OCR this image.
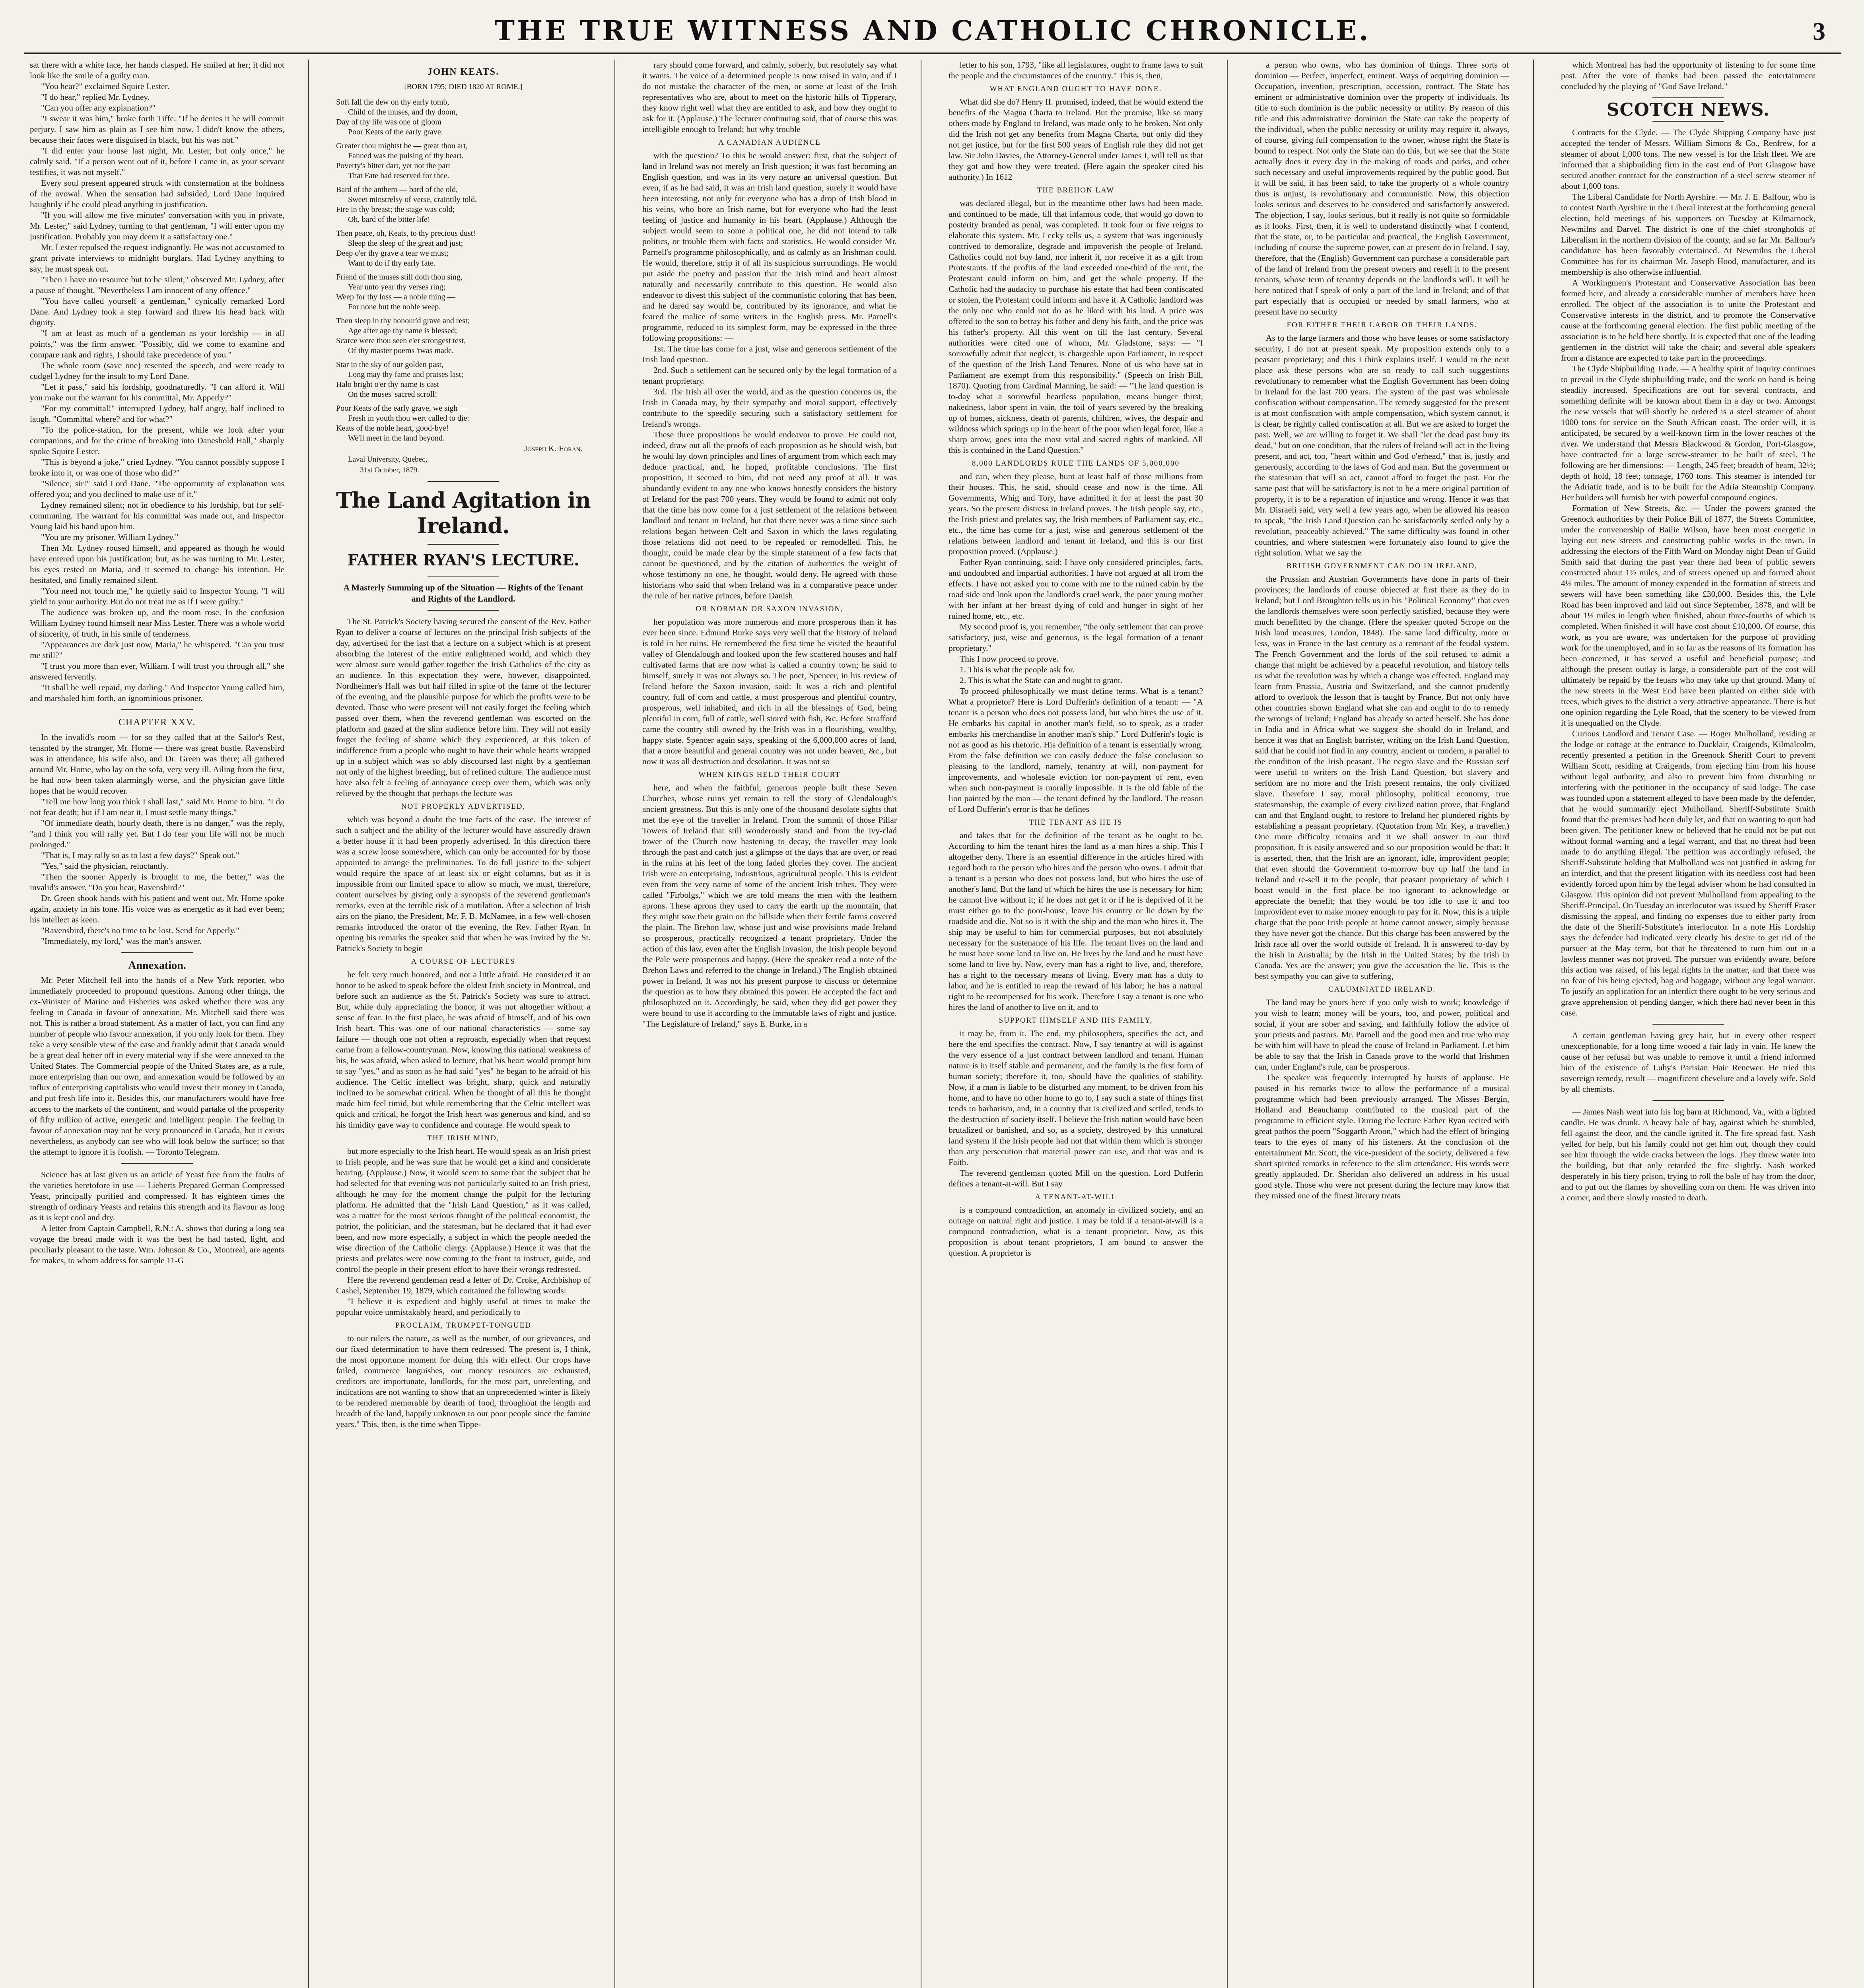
THE TRUE WITNESS AND CATHOLIC CHRONICLE.	3

sat there with a white face, her hands clasped. He smiled at her; it did not look like the smile of a guilty man.

"You hear?" exclaimed Squire Lester.

"I do hear," replied Mr. Lydney.

"Can you offer any explanation?"

"I swear it was him," broke forth Tiffe. "If he denies it he will commit perjury. I saw him as plain as I see him now. I didn't know the others, because their faces were disguised in black, but his was not."

"I did enter your house last night, Mr. Lester, but only once," he calmly said. "If a person went out of it, before I came in, as your servant testifies, it was not myself."

Every soul present appeared struck with consternation at the boldness of the avowal. When the sensation had subsided, Lord Dane inquired haughtily if he could plead anything in justification.

"If you will allow me five minutes' conversation with you in private, Mr. Lester," said Lydney, turning to that gentleman, "I will enter upon my justification. Probably you may deem it a satisfactory one."

Mr. Lester repulsed the request indignantly. He was not accustomed to grant private interviews to midnight burglars. Had Lydney anything to say, he must speak out.

"Then I have no resource but to be silent," observed Mr. Lydney, after a pause of thought. "Nevertheless I am innocent of any offence."

"You have called yourself a gentleman," cynically remarked Lord Dane. And Lydney took a step forward and threw his head back with dignity.

"I am at least as much of a gentleman as your lordship — in all points," was the firm answer. "Possibly, did we come to examine and compare rank and rights, I should take precedence of you."

The whole room (save one) resented the speech, and were ready to cudgel Lydney for the insult to my Lord Dane.

"Let it pass," said his lordship, goodnaturedly. "I can afford it. Will you make out the warrant for his committal, Mr. Apperly?"

"For my committal!" interrupted Lydney, half angry, half inclined to laugh. "Committal where? and for what?"

"To the police-station, for the present, while we look after your companions, and for the crime of breaking into Daneshold Hall," sharply spoke Squire Lester.

"This is beyond a joke," cried Lydney. "You cannot possibly suppose I broke into it, or was one of those who did?"

"Silence, sir!" said Lord Dane. "The opportunity of explanation was offered you; and you declined to make use of it."

Lydney remained silent; not in obedience to his lordship, but for self-communing. The warrant for his committal was made out, and Inspector Young laid his hand upon him.

"You are my prisoner, William Lydney."

Then Mr. Lydney roused himself, and appeared as though he would have entered upon his justification; but, as he was turning to Mr. Lester, his eyes rested on Maria, and it seemed to change his intention. He hesitated, and finally remained silent.

"You need not touch me," he quietly said to Inspector Young. "I will yield to your authority. But do not treat me as if I were guilty."

The audience was broken up, and the room rose. In the confusion William Lydney found himself near Miss Lester. There was a whole world of sincerity, of truth, in his smile of tenderness.

"Appearances are dark just now, Maria," he whispered. "Can you trust me still?"

"I trust you more than ever, William. I will trust you through all," she answered fervently.

"It shall be well repaid, my darling." And Inspector Young called him, and marshaled him forth, an ignominious prisoner.

CHAPTER XXV.

In the invalid's room — for so they called that at the Sailor's Rest, tenanted by the stranger, Mr. Home — there was great bustle. Ravensbird was in attendance, his wife also, and Dr. Green was there; all gathered around Mr. Home, who lay on the sofa, very very ill. Ailing from the first, he had now been taken alarmingly worse, and the physician gave little hopes that he would recover.

"Tell me how long you think I shall last," said Mr. Home to him. "I do not fear death; but if I am near it, I must settle many things."

"Of immediate death, hourly death, there is no danger," was the reply, "and I think you will rally yet. But I do fear your life will not be much prolonged."

"That is, I may rally so as to last a few days?" Speak out."

"Yes," said the physician, reluctantly.

"Then the sooner Apperly is brought to me, the better," was the invalid's answer. "Do you hear, Ravensbird?"

Dr. Green shook hands with his patient and went out. Mr. Home spoke again, anxiety in his tone. His voice was as energetic as it had ever been; his intellect as keen.

"Ravensbird, there's no time to be lost. Send for Apperly."

"Immediately, my lord," was the man's answer.

Annexation.

Mr. Peter Mitchell fell into the hands of a New York reporter, who immediately proceeded to propound questions. Among other things, the ex-Minister of Marine and Fisheries was asked whether there was any feeling in Canada in favour of annexation. Mr. Mitchell said there was not. This is rather a broad statement. As a matter of fact, you can find any number of people who favour annexation, if you only look for them. They take a very sensible view of the case and frankly admit that Canada would be a great deal better off in every material way if she were annexed to the United States. The Commercial people of the United States are, as a rule, more enterprising than our own, and annexation would be followed by an influx of enterprising capitalists who would invest their money in Canada, and put fresh life into it. Besides this, our manufacturers would have free access to the markets of the continent, and would partake of the prosperity of fifty million of active, energetic and intelligent people. The feeling in favour of annexation may not be very pronounced in Canada, but it exists nevertheless, as anybody can see who will look below the surface; so that the attempt to ignore it is foolish. — Toronto Telegram.

Science has at last given us an article of Yeast free from the faults of the varieties heretofore in use — Lieberts Prepared German Compressed Yeast, principally purified and compressed. It has eighteen times the strength of ordinary Yeasts and retains this strength and its flavour as long as it is kept cool and dry.

A letter from Captain Campbell, R.N.: A. shows that during a long sea voyage the bread made with it was the best he had tasted, light, and peculiarly pleasant to the taste. Wm. Johnson & Co., Montreal, are agents for makes, to whom address for sample 11-G

JOHN KEATS.
[BORN 1795; DIED 1820 AT ROME.]

Soft fall the dew on thy early tomb,

Child of the muses, and thy doom,

Day of thy life was one of gloom

Poor Keats of the early grave.

Greater thou mightst be — great thou art,

Fanned was the pulsing of thy heart.

Poverty's bitter dart, yet not the part

That Fate had reserved for thee.

Bard of the anthem — bard of the old,

Sweet minstrelsy of verse, craintily told,

Fire in thy breast; the stage was cold;

Oh, bard of the bitter life!

Then peace, oh, Keats, to thy precious dust!

Sleep the sleep of the great and just;

Deep o'er thy grave a tear we must;

Want to do if thy early fate.

Friend of the muses still doth thou sing,

Year unto year thy verses ring;

Weep for thy loss — a noble thing —

For none but the noble weep.

Then sleep in thy honour'd grave and rest;

Age after age thy name is blessed;

Scarce were thou seen e'er strongest test,

Of thy master poems 'twas made.

Star in the sky of our golden past,

Long may thy fame and praises last;

Halo bright o'er thy name is cast

On the muses' sacred scroll!

Poor Keats of the early grave, we sigh —

Fresh in youth thou wert called to die:

Keats of the noble heart, good-bye!

We'll meet in the land beyond.

Joseph K. Foran.
Laval University, Quebec,
31st October, 1879.
The Land Agitation in Ireland.
FATHER RYAN'S LECTURE.
A Masterly Summing up of the Situation — Rights of the Tenant and Rights of the Landlord.

The St. Patrick's Society having secured the consent of the Rev. Father Ryan to deliver a course of lectures on the principal Irish subjects of the day, advertised for the last that a lecture on a subject which is at present absorbing the interest of the entire enlightened world, and which they were almost sure would gather together the Irish Catholics of the city as an audience. In this expectation they were, however, disappointed. Nordheimer's Hall was but half filled in spite of the fame of the lecturer of the evening, and the plausible purpose for which the profits were to be devoted. Those who were present will not easily forget the feeling which passed over them, when the reverend gentleman was escorted on the platform and gazed at the slim audience before him. They will not easily forget the feeling of shame which they experienced, at this token of indifference from a people who ought to have their whole hearts wrapped up in a subject which was so ably discoursed last night by a gentleman not only of the highest breeding, but of refined culture. The audience must have also felt a feeling of annoyance creep over them, which was only relieved by the thought that perhaps the lecture was

NOT PROPERLY ADVERTISED,

which was beyond a doubt the true facts of the case. The interest of such a subject and the ability of the lecturer would have assuredly drawn a better house if it had been properly advertised. In this direction there was a screw loose somewhere, which can only be accounted for by those appointed to arrange the preliminaries. To do full justice to the subject would require the space of at least six or eight columns, but as it is impossible from our limited space to allow so much, we must, therefore, content ourselves by giving only a synopsis of the reverend gentleman's remarks, even at the terrible risk of a mutilation. After a selection of Irish airs on the piano, the President, Mr. F. B. McNamee, in a few well-chosen remarks introduced the orator of the evening, the Rev. Father Ryan. In opening his remarks the speaker said that when he was invited by the St. Patrick's Society to begin

A COURSE OF LECTURES

he felt very much honored, and not a little afraid. He considered it an honor to be asked to speak before the oldest Irish society in Montreal, and before such an audience as the St. Patrick's Society was sure to attract. But, while duly appreciating the honor, it was not altogether without a sense of fear. In the first place, he was afraid of himself, and of his own Irish heart. This was one of our national characteristics — some say failure — though one not often a reproach, especially when that request came from a fellow-countryman. Now, knowing this national weakness of his, he was afraid, when asked to lecture, that his heart would prompt him to say "yes," and as soon as he had said "yes" he began to be afraid of his audience. The Celtic intellect was bright, sharp, quick and naturally inclined to be somewhat critical. When he thought of all this he thought made him feel timid, but while remembering that the Celtic intellect was quick and critical, he forgot the Irish heart was generous and kind, and so his timidity gave way to confidence and courage. He would speak to

THE IRISH MIND,

but more especially to the Irish heart. He would speak as an Irish priest to Irish people, and he was sure that he would get a kind and considerate hearing. (Applause.) Now, it would seem to some that the subject that he had selected for that evening was not particularly suited to an Irish priest, although he may for the moment change the pulpit for the lecturing platform. He admitted that the "Irish Land Question," as it was called, was a matter for the most serious thought of the political economist, the patriot, the politician, and the statesman, but he declared that it had ever been, and now more especially, a subject in which the people needed the wise direction of the Catholic clergy. (Applause.) Hence it was that the priests and prelates were now coming to the front to instruct, guide, and control the people in their present effort to have their wrongs redressed.

Here the reverend gentleman read a letter of Dr. Croke, Archbishop of Cashel, September 19, 1879, which contained the following words:

"I believe it is expedient and highly useful at times to make the popular voice unmistakably heard, and periodically to

PROCLAIM, TRUMPET-TONGUED

to our rulers the nature, as well as the number, of our grievances, and our fixed determination to have them redressed. The present is, I think, the most opportune moment for doing this with effect. Our crops have failed, commerce languishes, our money resources are exhausted, creditors are importunate, landlords, for the most part, unrelenting, and indications are not wanting to show that an unprecedented winter is likely to be rendered memorable by dearth of food, throughout the length and breadth of the land, happily unknown to our poor people since the famine years." This, then, is the time when Tippe-

rary should come forward, and calmly, soberly, but resolutely say what it wants. The voice of a determined people is now raised in vain, and if I do not mistake the character of the men, or some at least of the Irish representatives who are, about to meet on the historic hills of Tipperary, they know right well what they are entitled to ask, and how they ought to ask for it. (Applause.) The lecturer continuing said, that of course this was intelligible enough to Ireland; but why trouble

A CANADIAN AUDIENCE

with the question? To this he would answer: first, that the subject of land in Ireland was not merely an Irish question; it was fast becoming an English question, and was in its very nature an universal question. But even, if as he had said, it was an Irish land question, surely it would have been interesting, not only for everyone who has a drop of Irish blood in his veins, who bore an Irish name, but for everyone who had the least feeling of justice and humanity in his heart. (Applause.) Although the subject would seem to some a political one, he did not intend to talk politics, or trouble them with facts and statistics. He would consider Mr. Parnell's programme philosophically, and as calmly as an Irishman could. He would, therefore, strip it of all its suspicious surroundings. He would put aside the poetry and passion that the Irish mind and heart almost naturally and necessarily contribute to this question. He would also endeavor to divest this subject of the communistic coloring that has been, and he dared say would be, contributed by its ignorance, and what he feared the malice of some writers in the English press. Mr. Parnell's programme, reduced to its simplest form, may be expressed in the three following propositions: —

1st. The time has come for a just, wise and generous settlement of the Irish land question.

2nd. Such a settlement can be secured only by the legal formation of a tenant proprietary.

3rd. The Irish all over the world, and as the question concerns us, the Irish in Canada may, by their sympathy and moral support, effectively contribute to the speedily securing such a satisfactory settlement for Ireland's wrongs.

These three propositions he would endeavor to prove. He could not, indeed, draw out all the proofs of each proposition as he should wish, but he would lay down principles and lines of argument from which each may deduce practical, and, he hoped, profitable conclusions. The first proposition, it seemed to him, did not need any proof at all. It was abundantly evident to any one who knows honestly considers the history of Ireland for the past 700 years. They would be found to admit not only that the time has now come for a just settlement of the relations between landlord and tenant in Ireland, but that there never was a time since such relations began between Celt and Saxon in which the laws regulating those relations did not need to be repealed or remodelled. This, he thought, could be made clear by the simple statement of a few facts that cannot be questioned, and by the citation of authorities the weight of whose testimony no one, he thought, would deny. He agreed with those historians who said that when Ireland was in a comparative peace under the rule of her native princes, before Danish

OR NORMAN OR SAXON INVASION,

her population was more numerous and more prosperous than it has ever been since. Edmund Burke says very well that the history of Ireland is told in her ruins. He remembered the first time he visited the beautiful valley of Glendalough and looked upon the few scattered houses and half cultivated farms that are now what is called a country town; he said to himself, surely it was not always so. The poet, Spencer, in his review of Ireland before the Saxon invasion, said: It was a rich and plentiful country, full of corn and cattle, a most prosperous and plentiful country, prosperous, well inhabited, and rich in all the blessings of God, being plentiful in corn, full of cattle, well stored with fish, &c. Before Strafford came the country still owned by the Irish was in a flourishing, wealthy, happy state. Spencer again says, speaking of the 6,000,000 acres of land, that a more beautiful and general country was not under heaven, &c., but now it was all destruction and desolation. It was not so

WHEN KINGS HELD THEIR COURT

here, and when the faithful, generous people built these Seven Churches, whose ruins yet remain to tell the story of Glendalough's ancient greatness. But this is only one of the thousand desolate sights that met the eye of the traveller in Ireland. From the summit of those Pillar Towers of Ireland that still wonderously stand and from the ivy-clad tower of the Church now hastening to decay, the traveller may look through the past and catch just a glimpse of the days that are over, or read in the ruins at his feet of the long faded glories they cover. The ancient Irish were an enterprising, industrious, agricultural people. This is evident even from the very name of some of the ancient Irish tribes. They were called "Firbolgs," which we are told means the men with the leathern aprons. These aprons they used to carry the earth up the mountain, that they might sow their grain on the hillside when their fertile farms covered the plain. The Brehon law, whose just and wise provisions made Ireland so prosperous, practically recognized a tenant proprietary. Under the action of this law, even after the English invasion, the Irish people beyond the Pale were prosperous and happy. (Here the speaker read a note of the Brehon Laws and referred to the change in Ireland.) The English obtained power in Ireland. It was not his present purpose to discuss or determine the question as to how they obtained this power. He accepted the fact and philosophized on it. Accordingly, he said, when they did get power they were bound to use it according to the immutable laws of right and justice. "The Legislature of Ireland," says E. Burke, in a

letter to his son, 1793, "like all legislatures, ought to frame laws to suit the people and the circumstances of the country." This is, then,

WHAT ENGLAND OUGHT TO HAVE DONE.

What did she do? Henry II. promised, indeed, that he would extend the benefits of the Magna Charta to Ireland. But the promise, like so many others made by England to Ireland, was made only to be broken. Not only did the Irish not get any benefits from Magna Charta, but only did they not get justice, but for the first 500 years of English rule they did not get law. Sir John Davies, the Attorney-General under James I, will tell us that they got and how they were treated. (Here again the speaker cited his authority.) In 1612

THE BREHON LAW

was declared illegal, but in the meantime other laws had been made, and continued to be made, till that infamous code, that would go down to posterity branded as penal, was completed. It took four or five reigns to elaborate this system. Mr. Lecky tells us, a system that was ingeniously contrived to demoralize, degrade and impoverish the people of Ireland. Catholics could not buy land, nor inherit it, nor receive it as a gift from Protestants. If the profits of the land exceeded one-third of the rent, the Protestant could inform on him, and get the whole property. If the Catholic had the audacity to purchase his estate that had been confiscated or stolen, the Protestant could inform and have it. A Catholic landlord was the only one who could not do as he liked with his land. A price was offered to the son to betray his father and deny his faith, and the price was his father's property. All this went on till the last century. Several authorities were cited one of whom, Mr. Gladstone, says: — "I sorrowfully admit that neglect, is chargeable upon Parliament, in respect of the question of the Irish Land Tenures. None of us who have sat in Parliament are exempt from this responsibility." (Speech on Irish Bill, 1870). Quoting from Cardinal Manning, he said: — "The land question is to-day what a sorrowful heartless population, means hunger thirst, nakedness, labor spent in vain, the toil of years severed by the breaking up of homes, sickness, death of parents, children, wives, the despair and wildness which springs up in the heart of the poor when legal force, like a sharp arrow, goes into the most vital and sacred rights of mankind. All this is contained in the Land Question."

8,000 LANDLORDS RULE THE LANDS OF 5,000,000

and can, when they please, hunt at least half of those millions from their houses. This, he said, should cease and now is the time. All Governments, Whig and Tory, have admitted it for at least the past 30 years. So the present distress in Ireland proves. The Irish people say, etc., the Irish priest and prelates say, the Irish members of Parliament say, etc., etc., the time has come for a just, wise and generous settlement of the relations between landlord and tenant in Ireland, and this is our first proposition proved. (Applause.)

Father Ryan continuing, said: I have only considered principles, facts, and undoubted and impartial authorities. I have not argued at all from the effects. I have not asked you to come with me to the ruined cabin by the road side and look upon the landlord's cruel work, the poor young mother with her infant at her breast dying of cold and hunger in sight of her ruined home, etc., etc.

My second proof is, you remember, "the only settlement that can prove satisfactory, just, wise and generous, is the legal formation of a tenant proprietary."

This I now proceed to prove.

1. This is what the people ask for.

2. This is what the State can and ought to grant.

To proceed philosophically we must define terms. What is a tenant? What a proprietor? Here is Lord Dufferin's definition of a tenant: — "A tenant is a person who does not possess land, but who hires the use of it. He embarks his capital in another man's field, so to speak, as a trader embarks his merchandise in another man's ship." Lord Dufferin's logic is not as good as his rhetoric. His definition of a tenant is essentially wrong. From the false definition we can easily deduce the false conclusion so pleasing to the landlord, namely, tenantry at will, non-payment for improvements, and wholesale eviction for non-payment of rent, even when such non-payment is morally impossible. It is the old fable of the lion painted by the man — the tenant defined by the landlord. The reason of Lord Dufferin's error is that he defines

THE TENANT AS HE IS

and takes that for the definition of the tenant as he ought to be. According to him the tenant hires the land as a man hires a ship. This I altogether deny. There is an essential difference in the articles hired with regard both to the person who hires and the person who owns. I admit that a tenant is a person who does not possess land, but who hires the use of another's land. But the land of which he hires the use is necessary for him; he cannot live without it; if he does not get it or if he is deprived of it he must either go to the poor-house, leave his country or lie down by the roadside and die. Not so is it with the ship and the man who hires it. The ship may be useful to him for commercial purposes, but not absolutely necessary for the sustenance of his life. The tenant lives on the land and he must have some land to live on. He lives by the land and he must have some land to live by. Now, every man has a right to live, and, therefore, has a right to the necessary means of living. Every man has a duty to labor, and he is entitled to reap the reward of his labor; he has a natural right to be recompensed for his work. Therefore I say a tenant is one who hires the land of another to live on it, and to

SUPPORT HIMSELF AND HIS FAMILY,

it may be, from it. The end, my philosophers, specifies the act, and here the end specifies the contract. Now, I say tenantry at will is against the very essence of a just contract between landlord and tenant. Human nature is in itself stable and permanent, and the family is the first form of human society; therefore it, too, should have the qualities of stability. Now, if a man is liable to be disturbed any moment, to be driven from his home, and to have no other home to go to, I say such a state of things first tends to barbarism, and, in a country that is civilized and settled, tends to the destruction of society itself. I believe the Irish nation would have been brutalized or banished, and so, as a society, destroyed by this unnatural land system if the Irish people had not that within them which is stronger than any persecution that material power can use, and that was and is Faith.

The reverend gentleman quoted Mill on the question. Lord Dufferin defines a tenant-at-will. But I say

A TENANT-AT-WILL

is a compound contradiction, an anomaly in civilized society, and an outrage on natural right and justice. I may be told if a tenant-at-will is a compound contradiction, what is a tenant proprietor. Now, as this proposition is about tenant proprietors, I am bound to answer the question. A proprietor is

a person who owns, who has dominion of things. Three sorts of dominion — Perfect, imperfect, eminent. Ways of acquiring dominion — Occupation, invention, prescription, accession, contract. The State has eminent or administrative dominion over the property of individuals. Its title to such dominion is the public necessity or utility. By reason of this title and this administrative dominion the State can take the property of the individual, when the public necessity or utility may require it, always, of course, giving full compensation to the owner, whose right the State is bound to respect. Not only the State can do this, but we see that the State actually does it every day in the making of roads and parks, and other such necessary and useful improvements required by the public good. But it will be said, it has been said, to take the property of a whole country thus is unjust, is revolutionary and communistic. Now, this objection looks serious and deserves to be considered and satisfactorily answered. The objection, I say, looks serious, but it really is not quite so formidable as it looks. First, then, it is well to understand distinctly what I contend, that the state, or, to be particular and practical, the English Government, including of course the supreme power, can at present do in Ireland. I say, therefore, that the (English) Government can purchase a considerable part of the land of Ireland from the present owners and resell it to the present tenants, whose term of tenantry depends on the landlord's will. It will be here noticed that I speak of only a part of the land in Ireland; and of that part especially that is occupied or needed by small farmers, who at present have no security

FOR EITHER THEIR LABOR OR THEIR LANDS.

As to the large farmers and those who have leases or some satisfactory security, I do not at present speak. My proposition extends only to a peasant proprietary; and this I think explains itself. I would in the next place ask these persons who are so ready to call such suggestions revolutionary to remember what the English Government has been doing in Ireland for the last 700 years. The system of the past was wholesale confiscation without compensation. The remedy suggested for the present is at most confiscation with ample compensation, which system cannot, it is clear, be rightly called confiscation at all. But we are asked to forget the past. Well, we are willing to forget it. We shall "let the dead past bury its dead," but on one condition, that the rulers of Ireland will act in the living present, and act, too, "heart within and God o'erhead," that is, justly and generously, according to the laws of God and man. But the government or the statesman that will so act, cannot afford to forget the past. For the same past that will be satisfactory is not to be a mere original partition of property, it is to be a reparation of injustice and wrong. Hence it was that Mr. Disraeli said, very well a few years ago, when he allowed his reason to speak, "the Irish Land Question can be satisfactorily settled only by a revolution, peaceably achieved." The same difficulty was found in other countries, and where statesmen were fortunately also found to give the right solution. What we say the

BRITISH GOVERNMENT CAN DO IN IRELAND,

the Prussian and Austrian Governments have done in parts of their provinces; the landlords of course objected at first there as they do in Ireland; but Lord Broughton tells us in his "Political Economy" that even the landlords themselves were soon perfectly satisfied, because they were much benefitted by the change. (Here the speaker quoted Scrope on the Irish land measures, London, 1848). The same land difficulty, more or less, was in France in the last century as a remnant of the feudal system. The French Government and the lords of the soil refused to admit a change that might be achieved by a peaceful revolution, and history tells us what the revolution was by which a change was effected. England may learn from Prussia, Austria and Switzerland, and she cannot prudently afford to overlook the lesson that is taught by France. But not only have other countries shown England what she can and ought to do to remedy the wrongs of Ireland; England has already so acted herself. She has done in India and in Africa what we suggest she should do in Ireland, and hence it was that an English barrister, writing on the Irish Land Question, said that he could not find in any country, ancient or modern, a parallel to the condition of the Irish peasant. The negro slave and the Russian serf were useful to writers on the Irish Land Question, but slavery and serfdom are no more and the Irish present remains, the only civilized slave. Therefore I say, moral philosophy, political economy, true statesmanship, the example of every civilized nation prove, that England can and that England ought, to restore to Ireland her plundered rights by establishing a peasant proprietary. (Quotation from Mr. Key, a traveller.) One more difficulty remains and it we shall answer in our third proposition. It is easily answered and so our proposition would be that: It is asserted, then, that the Irish are an ignorant, idle, improvident people; that even should the Government to-morrow buy up half the land in Ireland and re-sell it to the people, that peasant proprietary of which I boast would in the first place be too ignorant to acknowledge or appreciate the benefit; that they would be too idle to use it and too improvident ever to make money enough to pay for it. Now, this is a triple charge that the poor Irish people at home cannot answer, simply because they have never got the chance. But this charge has been answered by the Irish race all over the world outside of Ireland. It is answered to-day by the Irish in Australia; by the Irish in the United States; by the Irish in Canada. Yes are the answer; you give the accusation the lie. This is the best sympathy you can give to suffering,

CALUMNIATED IRELAND.

The land may be yours here if you only wish to work; knowledge if you wish to learn; money will be yours, too, and power, political and social, if your are sober and saving, and faithfully follow the advice of your priests and pastors. Mr. Parnell and the good men and true who may be with him will have to plead the cause of Ireland in Parliament. Let him be able to say that the Irish in Canada prove to the world that Irishmen can, under England's rule, can be prosperous.

The speaker was frequently interrupted by bursts of applause. He paused in his remarks twice to allow the performance of a musical programme which had been previously arranged. The Misses Bergin, Holland and Beauchamp contributed to the musical part of the programme in efficient style. During the lecture Father Ryan recited with great pathos the poem "Soggarth Aroon," which had the effect of bringing tears to the eyes of many of his listeners. At the conclusion of the entertainment Mr. Scott, the vice-president of the society, delivered a few short spirited remarks in reference to the slim attendance. His words were greatly applauded. Dr. Sheridan also delivered an address in his usual good style. Those who were not present during the lecture may know that they missed one of the finest literary treats

which Montreal has had the opportunity of listening to for some time past. After the vote of thanks had been passed the entertainment concluded by the playing of "God Save Ireland."

SCOTCH NEWS.

Contracts for the Clyde. — The Clyde Shipping Company have just accepted the tender of Messrs. William Simons & Co., Renfrew, for a steamer of about 1,000 tons. The new vessel is for the Irish fleet. We are informed that a shipbuilding firm in the east end of Port Glasgow have secured another contract for the construction of a steel screw steamer of about 1,000 tons.

The Liberal Candidate for North Ayrshire. — Mr. J. E. Balfour, who is to contest North Ayrshire in the Liberal interest at the forthcoming general election, held meetings of his supporters on Tuesday at Kilmarnock, Newmilns and Darvel. The district is one of the chief strongholds of Liberalism in the northern division of the county, and so far Mr. Balfour's candidature has been favorably entertained. At Newmilns the Liberal Committee has for its chairman Mr. Joseph Hood, manufacturer, and its membership is also otherwise influential.

A Workingmen's Protestant and Conservative Association has been formed here, and already a considerable number of members have been enrolled. The object of the association is to unite the Protestant and Conservative interests in the district, and to promote the Conservative cause at the forthcoming general election. The first public meeting of the association is to be held here shortly. It is expected that one of the leading gentlemen in the district will take the chair; and several able speakers from a distance are expected to take part in the proceedings.

The Clyde Shipbuilding Trade. — A healthy spirit of inquiry continues to prevail in the Clyde shipbuilding trade, and the work on hand is being steadily increased. Specifications are out for several contracts, and something definite will be known about them in a day or two. Amongst the new vessels that will shortly be ordered is a steel steamer of about 1000 tons for service on the South African coast. The order will, it is anticipated, be secured by a well-known firm in the lower reaches of the river. We understand that Messrs Blackwood & Gordon, Port-Glasgow, have contracted for a large screw-steamer to be built of steel. The following are her dimensions: — Length, 245 feet; breadth of beam, 32½; depth of hold, 18 feet; tonnage, 1760 tons. This steamer is intended for the Adriatic trade, and is to be built for the Adria Steamship Company. Her builders will furnish her with powerful compound engines.

Formation of New Streets, &c. — Under the powers granted the Greenock authorities by their Police Bill of 1877, the Streets Committee, under the convenership of Bailie Wilson, have been most energetic in laying out new streets and constructing public works in the town. In addressing the electors of the Fifth Ward on Monday night Dean of Guild Smith said that during the past year there had been of public sewers constructed about 1½ miles, and of streets opened up and formed about 4½ miles. The amount of money expended in the formation of streets and sewers will have been something like £30,000. Besides this, the Lyle Road has been improved and laid out since September, 1878, and will be about 1½ miles in length when finished, about three-fourths of which is completed. When finished it will have cost about £10,000. Of course, this work, as you are aware, was undertaken for the purpose of providing work for the unemployed, and in so far as the reasons of its formation has been concerned, it has served a useful and beneficial purpose; and although the present outlay is large, a considerable part of the cost will ultimately be repaid by the feuars who may take up that ground. Many of the new streets in the West End have been planted on either side with trees, which gives to the district a very attractive appearance. There is but one opinion regarding the Lyle Road, that the scenery to be viewed from it is unequalled on the Clyde.

Curious Landlord and Tenant Case. — Roger Mulholland, residing at the lodge or cottage at the entrance to Ducklair, Craigends, Kilmalcolm, recently presented a petition in the Greenock Sheriff Court to prevent William Scott, residing at Craigends, from ejecting him from his house without legal authority, and also to prevent him from disturbing or interfering with the petitioner in the occupancy of said lodge. The case was founded upon a statement alleged to have been made by the defender, that he would summarily eject Mulholland. Sheriff-Substitute Smith found that the premises had been duly let, and that on wanting to quit had been given. The petitioner knew or believed that he could not be put out without formal warning and a legal warrant, and that no threat had been made to do anything illegal. The petition was accordingly refused, the Sheriff-Substitute holding that Mulholland was not justified in asking for an interdict, and that the present litigation with its needless cost had been evidently forced upon him by the legal adviser whom he had consulted in Glasgow. This opinion did not prevent Mulholland from appealing to the Sheriff-Principal. On Tuesday an interlocutor was issued by Sheriff Fraser dismissing the appeal, and finding no expenses due to either party from the date of the Sheriff-Substitute's interlocutor. In a note His Lordship says the defender had indicated very clearly his desire to get rid of the pursuer at the May term, but that he threatened to turn him out in a lawless manner was not proved. The pursuer was evidently aware, before this action was raised, of his legal rights in the matter, and that there was no fear of his being ejected, bag and baggage, without any legal warrant. To justify an application for an interdict there ought to be very serious and grave apprehension of pending danger, which there had never been in this case.

A certain gentleman having grey hair, but in every other respect unexceptionable, for a long time wooed a fair lady in vain. He knew the cause of her refusal but was unable to remove it until a friend informed him of the existence of Luby's Parisian Hair Renewer. He tried this sovereign remedy, result — magnificent chevelure and a lovely wife. Sold by all chemists.

— James Nash went into his log barn at Richmond, Va., with a lighted candle. He was drunk. A heavy bale of hay, against which he stumbled, fell against the door, and the candle ignited it. The fire spread fast. Nash yelled for help, but his family could not get him out, though they could see him through the wide cracks between the logs. They threw water into the building, but that only retarded the fire slightly. Nash worked desperately in his fiery prison, trying to roll the bale of hay from the door, and to put out the flames by shovelling corn on them. He was driven into a corner, and there slowly roasted to death.
